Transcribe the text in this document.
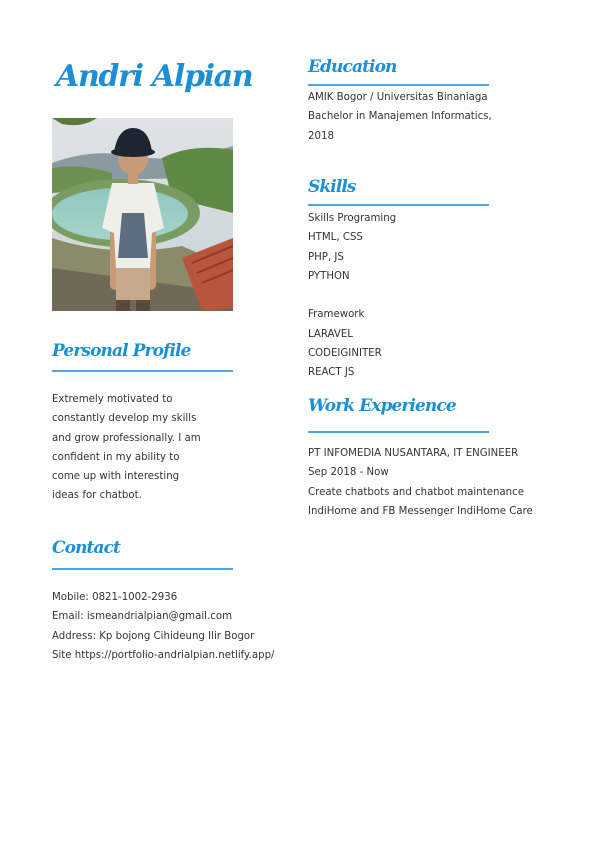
Andri Alpian
Personal Profile
Extremely motivated to
constantly develop my skills
and grow professionally. I am
confident in my ability to
come up with interesting
ideas for chatbot.
Contact
Mobile: 0821-1002-2936
Email: ismeandrialpian@gmail.com
Address: Kp bojong Cihideung Ilir Bogor
Site https://portfolio-andrialpian.netlify.app/
Education
AMIK Bogor / Universitas Binaniaga
Bachelor in Manajemen Informatics,
2018
Skills
Skills Programing
HTML, CSS
PHP, JS
PYTHON
Framework
LARAVEL
CODEIGINITER
REACT JS
Work Experience
PT INFOMEDIA NUSANTARA, IT ENGINEER
Sep 2018 - Now
Create chatbots and chatbot maintenance
IndiHome and FB Messenger IndiHome Care
